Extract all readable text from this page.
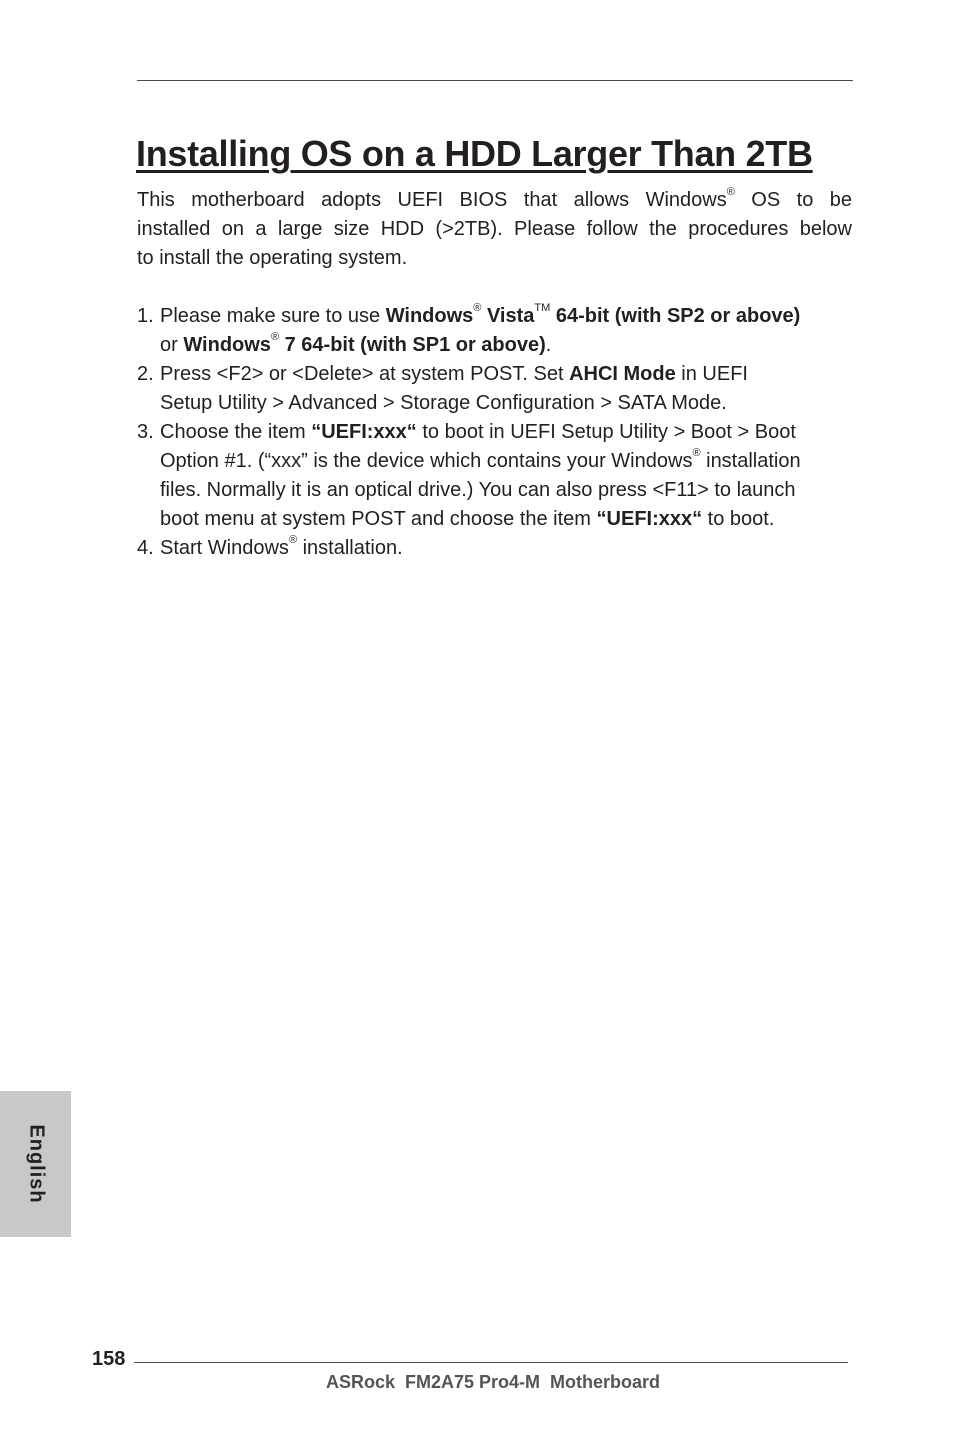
Installing OS on a HDD Larger Than 2TB

This motherboard adopts UEFI BIOS that allows Windows® OS to be
installed on a large size HDD (>2TB). Please follow the procedures below
to install the operating system.

1. Please make sure to use Windows® Vista™ 64-bit (with SP2 or above)
or Windows® 7 64-bit (with SP1 or above).
2. Press <F2> or <Delete> at system POST. Set AHCI Mode in UEFI
Setup Utility > Advanced > Storage Configuration > SATA Mode.
3. Choose the item “UEFI:xxx“ to boot in UEFI Setup Utility > Boot > Boot
Option #1. (“xxx” is the device which contains your Windows® installation
files. Normally it is an optical drive.) You can also press <F11> to launch
boot menu at system POST and choose the item “UEFI:xxx“ to boot.
4. Start Windows® installation.
English
158
ASRock  FM2A75 Pro4-M  Motherboard
